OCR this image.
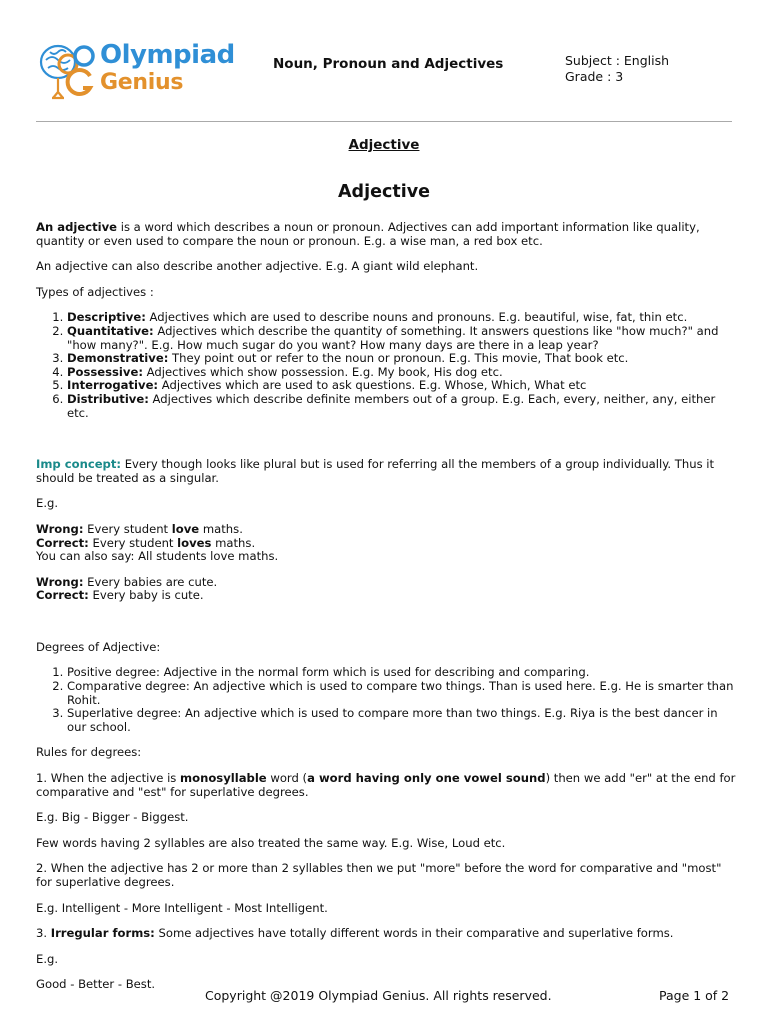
Olympiad
Genius
Noun, Pronoun and Adjectives	Subject : English
Grade : 3
Adjective
Adjective

An adjective is a word which describes a noun or pronoun. Adjectives can add important information like quality, quantity or even used to compare the noun or pronoun. E.g. a wise man, a red box etc.

An adjective can also describe another adjective. E.g. A giant wild elephant.

Types of adjectives :

1. Descriptive: Adjectives which are used to describe nouns and pronouns. E.g. beautiful, wise, fat, thin etc.
2. Quantitative: Adjectives which describe the quantity of something. It answers questions like "how much?" and "how many?". E.g. How much sugar do you want? How many days are there in a leap year?
3. Demonstrative: They point out or refer to the noun or pronoun. E.g. This movie, That book etc.
4. Possessive: Adjectives which show possession. E.g. My book, His dog etc.
5. Interrogative: Adjectives which are used to ask questions. E.g. Whose, Which, What etc
6. Distributive: Adjectives which describe definite members out of a group. E.g. Each, every, neither, any, either etc.

Imp concept: Every though looks like plural but is used for referring all the members of a group individually. Thus it should be treated as a singular.

E.g.

Wrong: Every student love maths.
Correct: Every student loves maths.
You can also say: All students love maths.

Wrong: Every babies are cute.
Correct: Every baby is cute.

Degrees of Adjective:

1. Positive degree: Adjective in the normal form which is used for describing and comparing.
2. Comparative degree: An adjective which is used to compare two things. Than is used here. E.g. He is smarter than Rohit.
3. Superlative degree: An adjective which is used to compare more than two things. E.g. Riya is the best dancer in our school.

Rules for degrees:

1. When the adjective is monosyllable word (a word having only one vowel sound) then we add "er" at the end for comparative and "est" for superlative degrees.

E.g. Big - Bigger - Biggest.

Few words having 2 syllables are also treated the same way. E.g. Wise, Loud etc.

2. When the adjective has 2 or more than 2 syllables then we put "more" before the word for comparative and "most" for superlative degrees.

E.g. Intelligent - More Intelligent - Most Intelligent.

3. Irregular forms: Some adjectives have totally different words in their comparative and superlative forms.

E.g.

Good - Better - Best.

Copyright @2019 Olympiad Genius. All rights reserved.	Page 1 of 2
